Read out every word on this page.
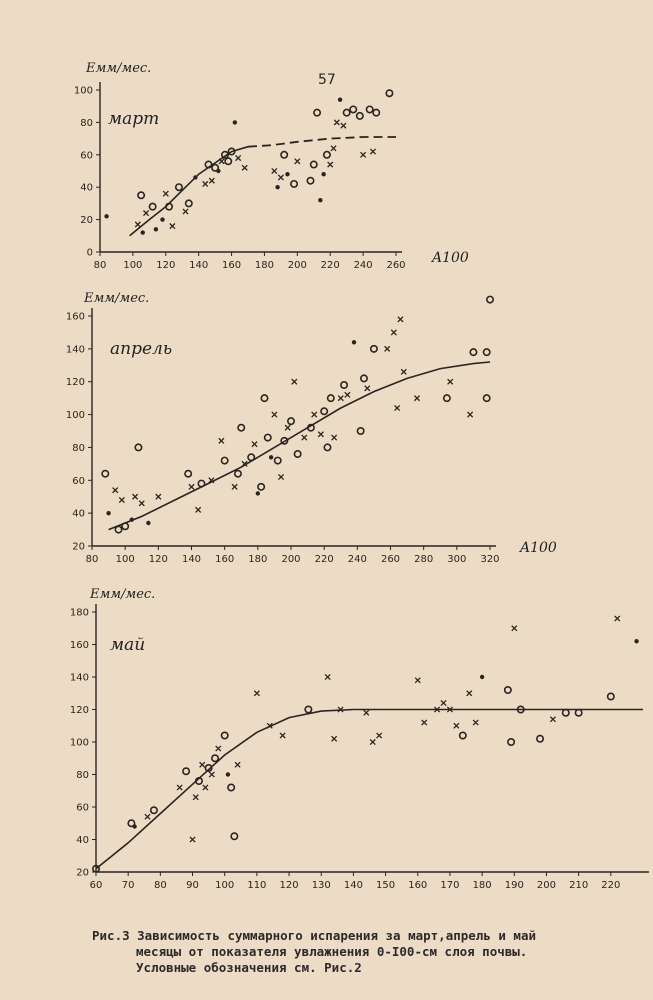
0
20
40
60
80
100
80 100 120 140 160 180 200 220 240 260
Eмм/мес.
A100
март
20
40
60
80
100
120
140
160
80 100 120 140 160 180 200 220 240 260 280 300 320
Eмм/мес.
A100
апрель
20
40
60
80
100
120
140
160
180
60 70 80 90 100 110 120 130 140 150 160 170 180 190 200 210 220
Eмм/мес.
май
57
Рис.3 Зависимость суммарного испарения за март,апрель и май
месяцы от показателя увлажнения 0-I00-см слоя почвы.
Условные обозначения см. Рис.2
